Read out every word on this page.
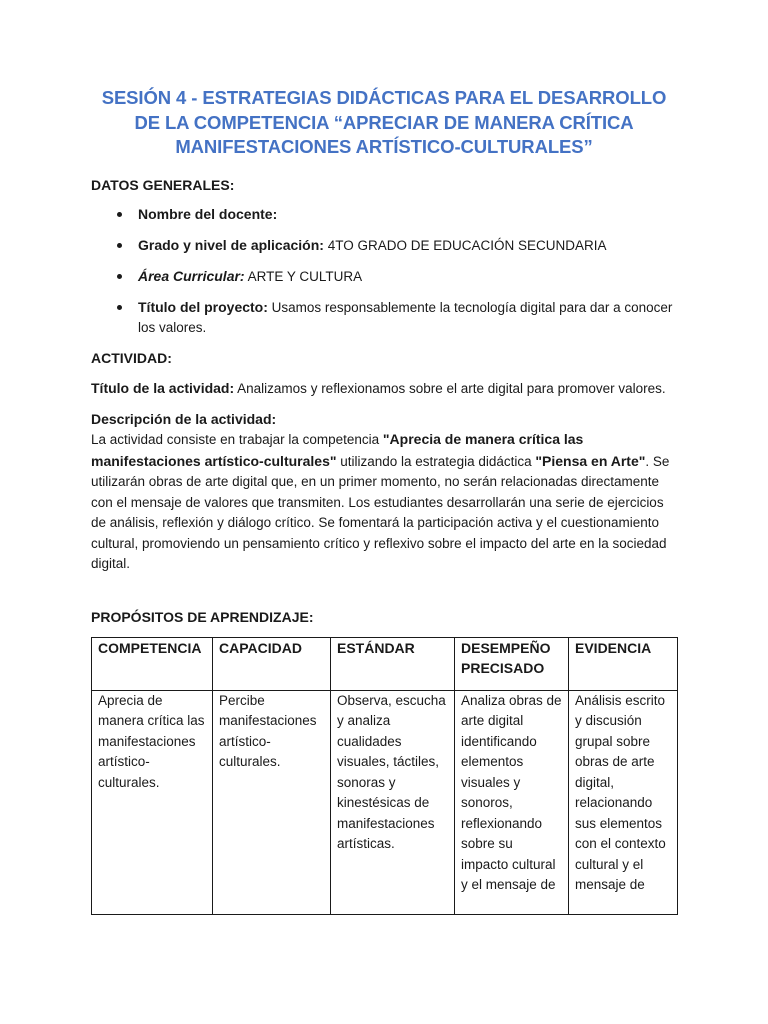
SESIÓN 4 - ESTRATEGIAS DIDÁCTICAS PARA EL DESARROLLO DE LA COMPETENCIA “APRECIAR DE MANERA CRÍTICA MANIFESTACIONES ARTÍSTICO-CULTURALES”

DATOS GENERALES:

Nombre del docente:
Grado y nivel de aplicación: 4TO GRADO DE EDUCACIÓN SECUNDARIA
Área Curricular: ARTE Y CULTURA
Título del proyecto: Usamos responsablemente la tecnología digital para dar a conocer los valores.

ACTIVIDAD:

Título de la actividad: Analizamos y reflexionamos sobre el arte digital para promover valores.

Descripción de la actividad:

La actividad consiste en trabajar la competencia "Aprecia de manera crítica las manifestaciones artístico-culturales" utilizando la estrategia didáctica "Piensa en Arte". Se utilizarán obras de arte digital que, en un primer momento, no serán relacionadas directamente con el mensaje de valores que transmiten. Los estudiantes desarrollarán una serie de ejercicios de análisis, reflexión y diálogo crítico. Se fomentará la participación activa y el cuestionamiento cultural, promoviendo un pensamiento crítico y reflexivo sobre el impacto del arte en la sociedad digital.

PROPÓSITOS DE APRENDIZAJE:

COMPETENCIA	CAPACIDAD	ESTÁNDAR	DESEMPEÑO PRECISADO	EVIDENCIA

Aprecia de manera crítica las manifestaciones artístico-culturales.	Percibe manifestaciones artístico-culturales.	Observa, escucha y analiza cualidades visuales, táctiles, sonoras y kinestésicas de manifestaciones artísticas.	Analiza obras de arte digital identificando elementos visuales y sonoros, reflexionando sobre su impacto cultural y el mensaje de	Análisis escrito y discusión grupal sobre obras de arte digital, relacionando sus elementos con el contexto cultural y el mensaje de
